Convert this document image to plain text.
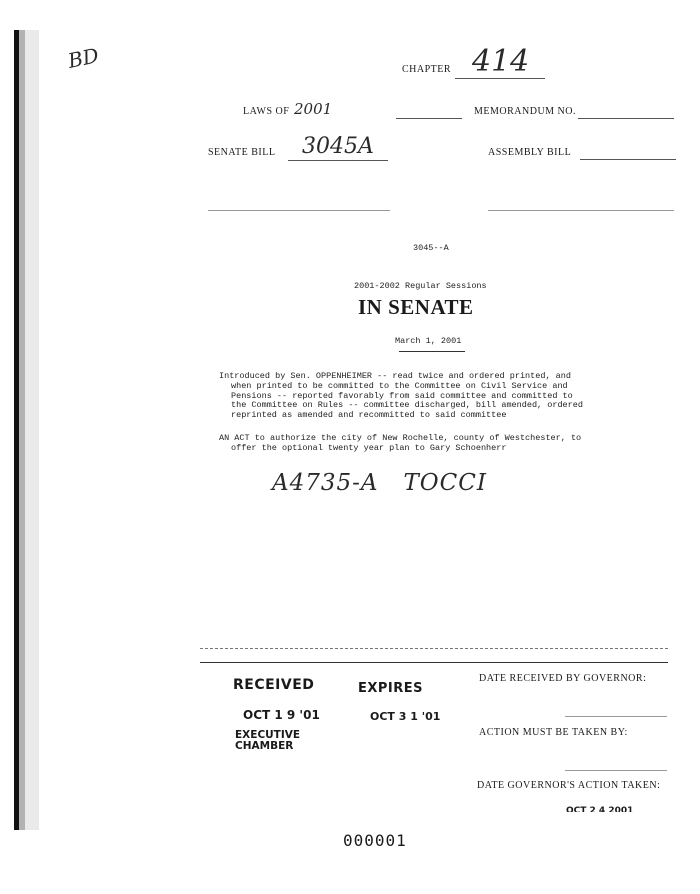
BD	CHAPTER 414
LAWS OF 2001	MEMORANDUM NO.
SENATE BILL 3045A	ASSEMBLY BILL
3045--A
2001-2002 Regular Sessions
IN SENATE
March 1, 2001
Introduced by Sen. OPPENHEIMER -- read twice and ordered printed, and
when printed to be committed to the Committee on Civil Service and
Pensions -- reported favorably from said committee and committed to
the Committee on Rules -- committee discharged, bill amended, ordered
reprinted as amended and recommitted to said committee
AN ACT to authorize the city of New Rochelle, county of Westchester, to
offer the optional twenty year plan to Gary Schoenherr
A4735-A   TOCCI
RECEIVED
OCT 1 9 '01
EXECUTIVE
CHAMBER
EXPIRES
OCT 3 1 '01
DATE RECEIVED BY GOVERNOR:
ACTION MUST BE TAKEN BY:
DATE GOVERNOR'S ACTION TAKEN:
OCT 2 4 2001
000001
